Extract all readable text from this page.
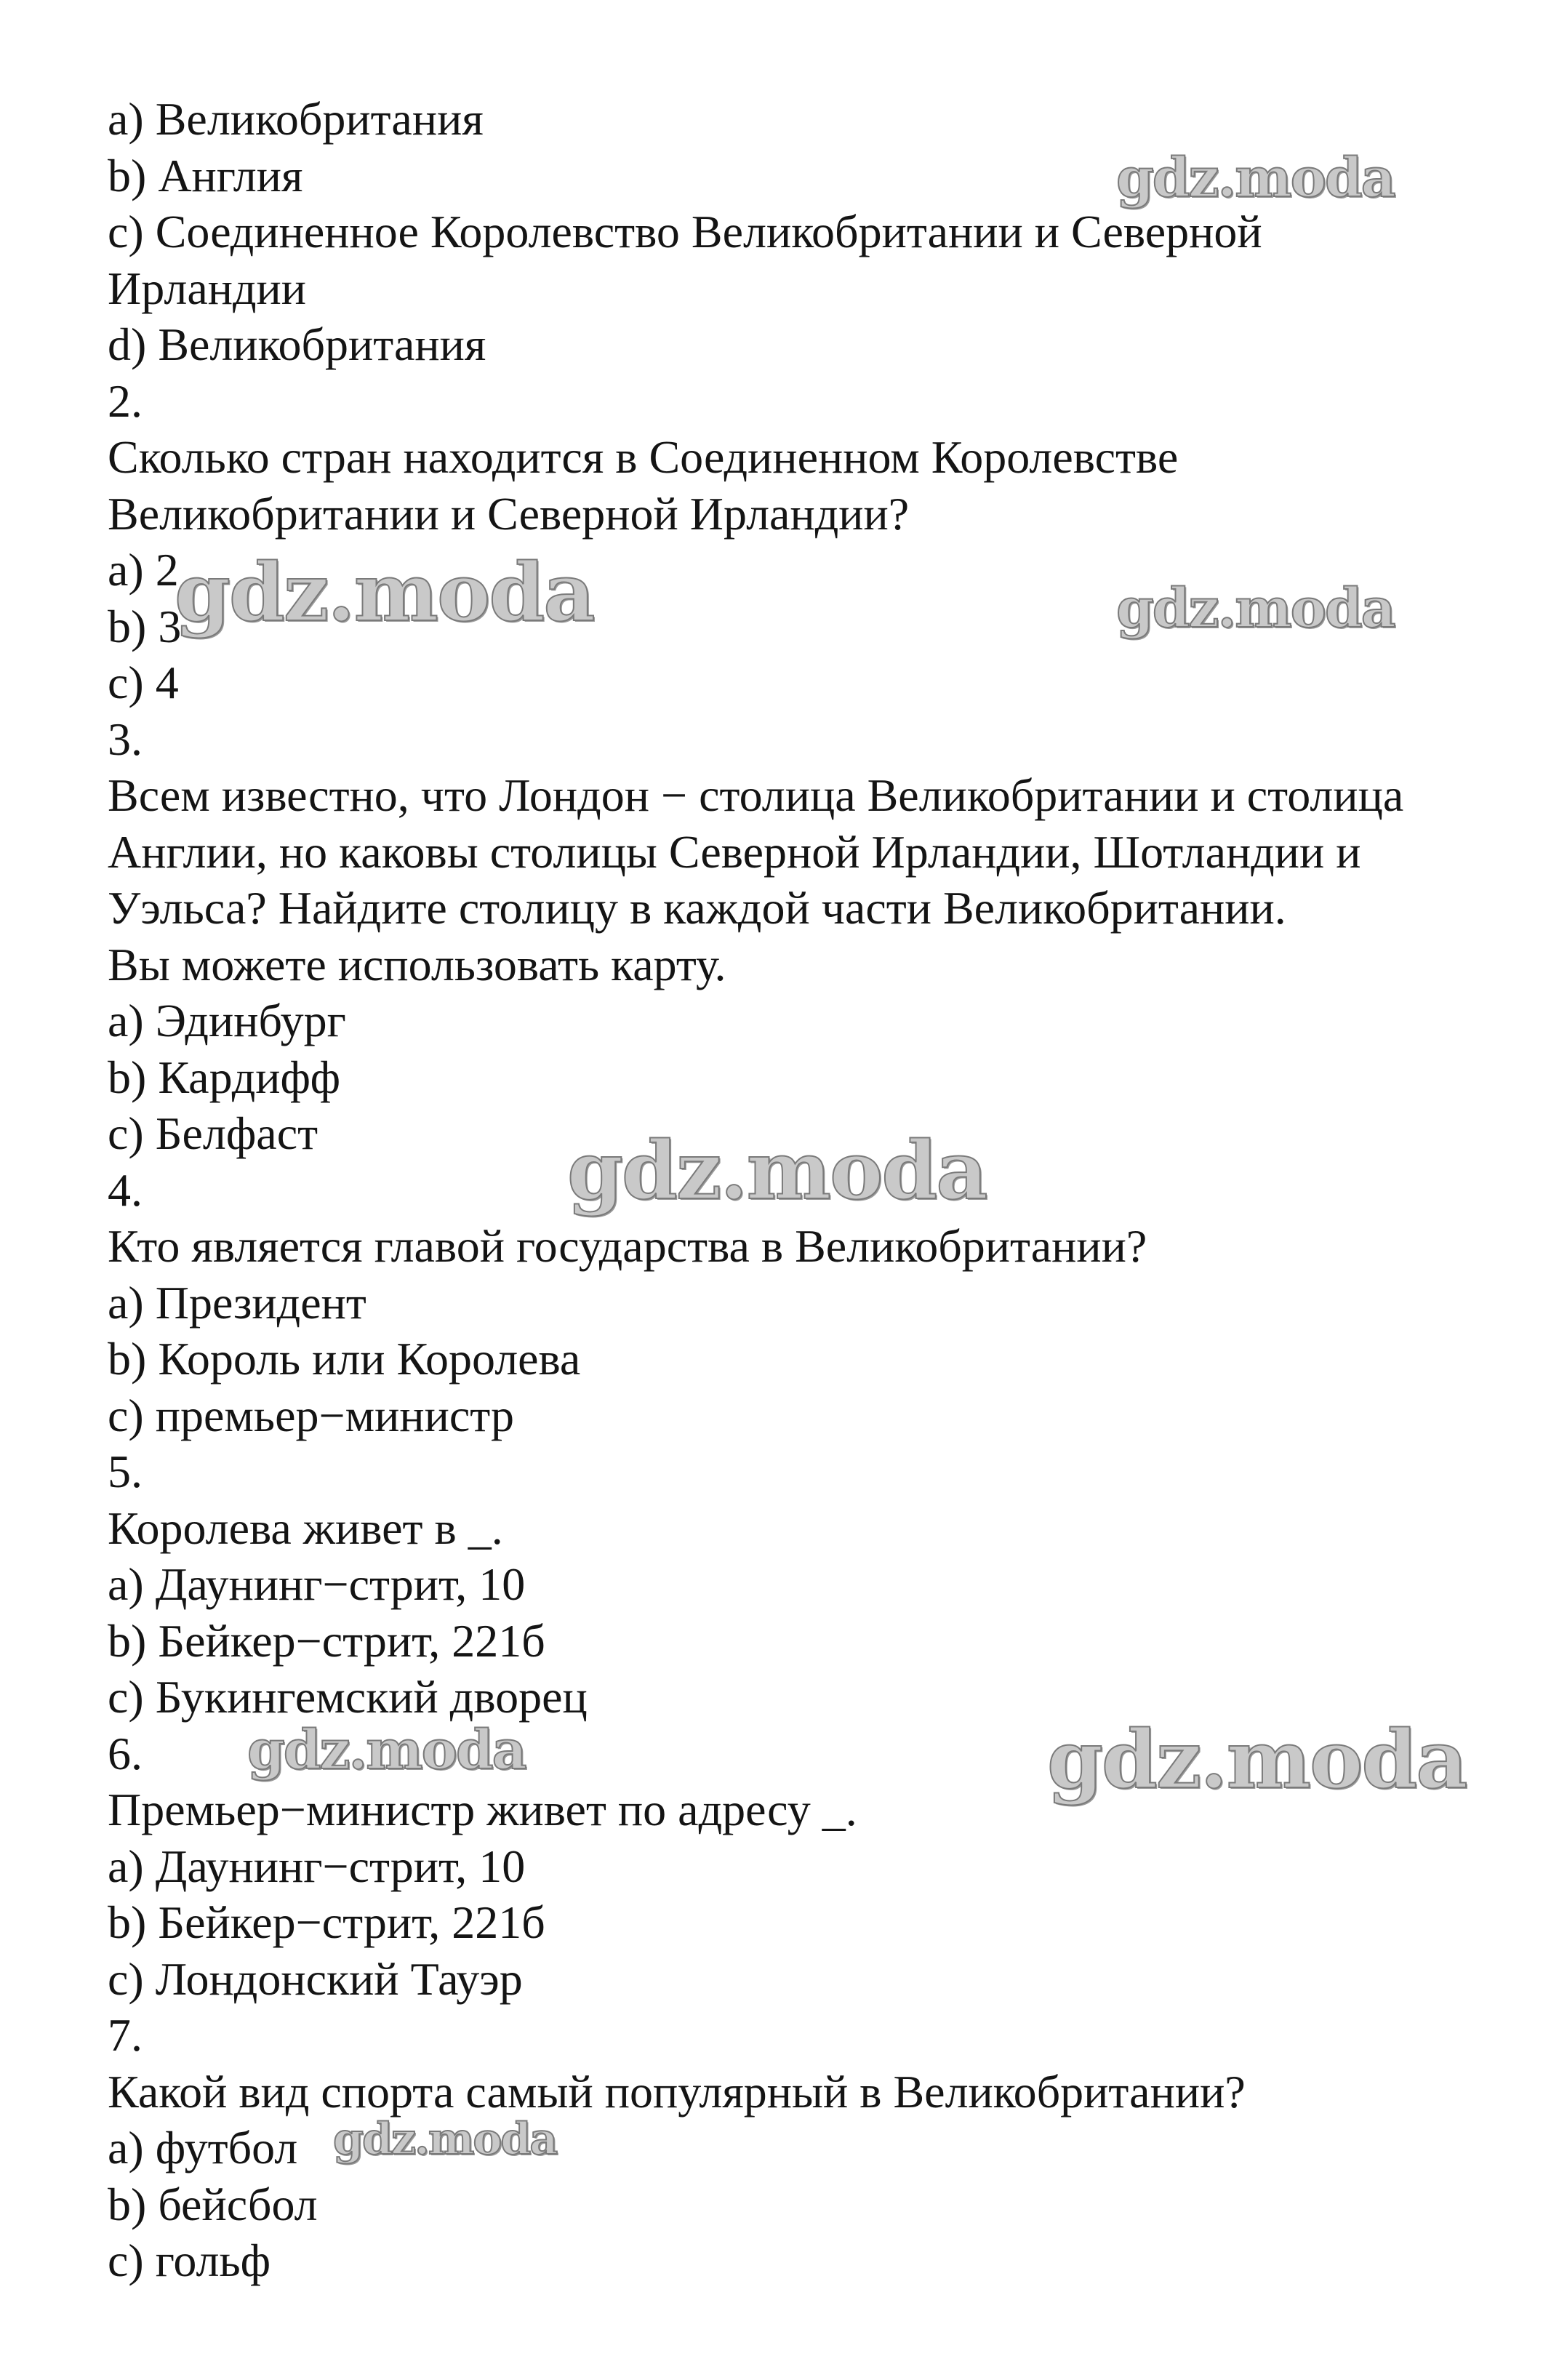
а) Великобритания
b) Англия
c) Соединенное Королевство Великобритании и Северной
Ирландии
d) Великобритания
2.
Сколько стран находится в Соединенном Королевстве
Великобритании и Северной Ирландии?
a) 2
b) 3
c) 4
3.
Всем известно, что Лондон − столица Великобритании и столица
Англии, но каковы столицы Северной Ирландии, Шотландии и
Уэльса? Найдите столицу в каждой части Великобритании.
Вы можете использовать карту.
a) Эдинбург
b) Кардифф
c) Белфаст
4.
Кто является главой государства в Великобритании?
a) Президент
b) Король или Королева
c) премьер−министр
5.
Королева живет в _.
a) Даунинг−стрит, 10
b) Бейкер−стрит, 221б
c) Букингемский дворец
6.
Премьер−министр живет по адресу _.
a) Даунинг−стрит, 10
b) Бейкер−стрит, 221б
c) Лондонский Тауэр
7.
Какой вид спорта самый популярный в Великобритании?
a) футбол
b) бейсбол
c) гольф
gdz.moda
gdz.moda	gdz.moda
gdz.moda
gdz.moda	gdz.moda
gdz.moda
